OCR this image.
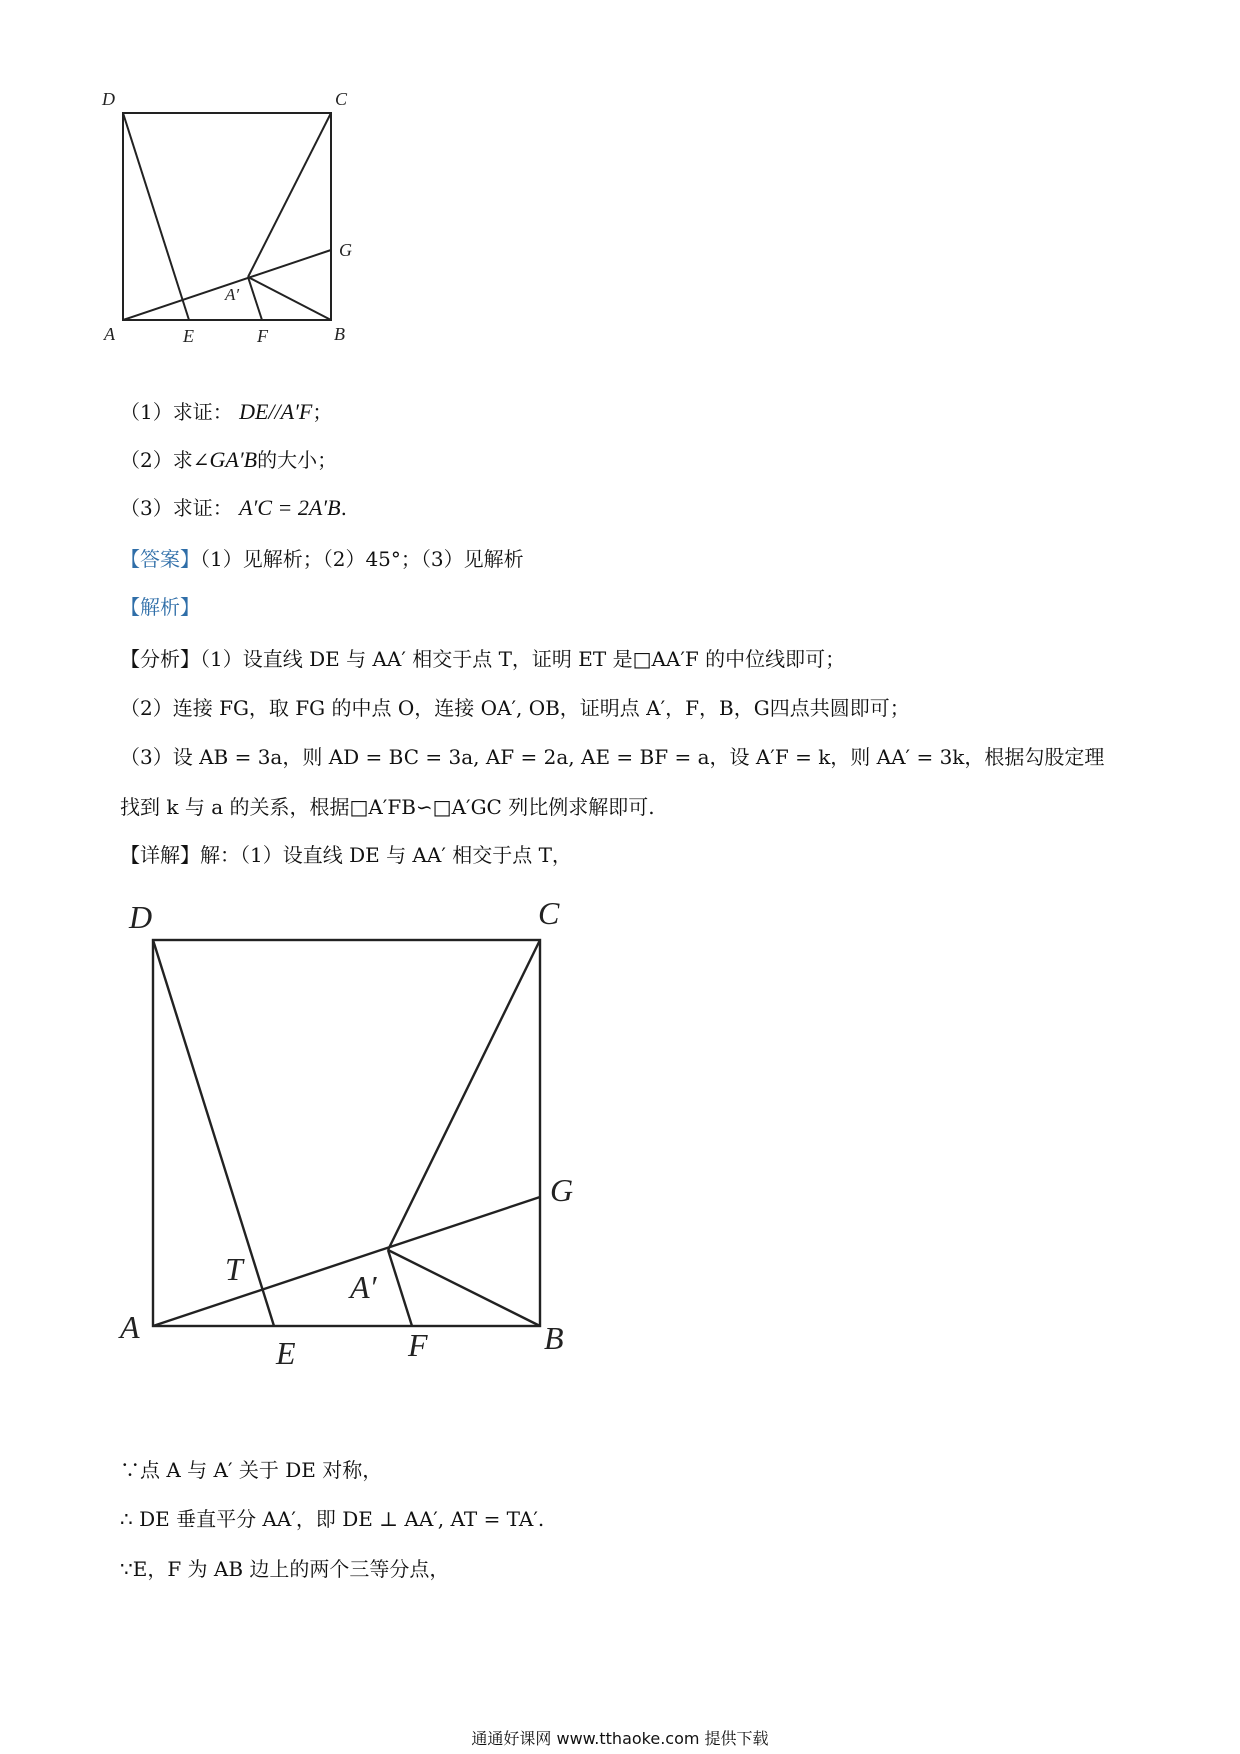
D	C
G
A′
A	E	F	B
（1）求证： DE//A′F；
（2）求∠GA′B的大小；
（3）求证： A′C = 2A′B.
【答案】（1）见解析；（2）45°；（3）见解析
【解析】
【分析】（1）设直线 DE 与 AA′ 相交于点 T，证明 ET 是□AA′F 的中位线即可；
（2）连接 FG，取 FG 的中点 O，连接 OA′, OB，证明点 A′，F，B，G四点共圆即可；
（3）设 AB = 3a，则 AD = BC = 3a, AF = 2a, AE = BF = a，设 A′F = k，则 AA′ = 3k，根据勾股定理
找到 k 与 a 的关系，根据□A′FB∽□A′GC 列比例求解即可.
【详解】解：（1）设直线 DE 与 AA′ 相交于点 T，
D	C
G
T	A′
A
E	F	B
∵点 A 与 A′ 关于 DE 对称，
∴ DE 垂直平分 AA′，即 DE ⊥ AA′, AT = TA′.
∵E，F 为 AB 边上的两个三等分点，
通通好课网 www.tthaoke.com 提供下载
